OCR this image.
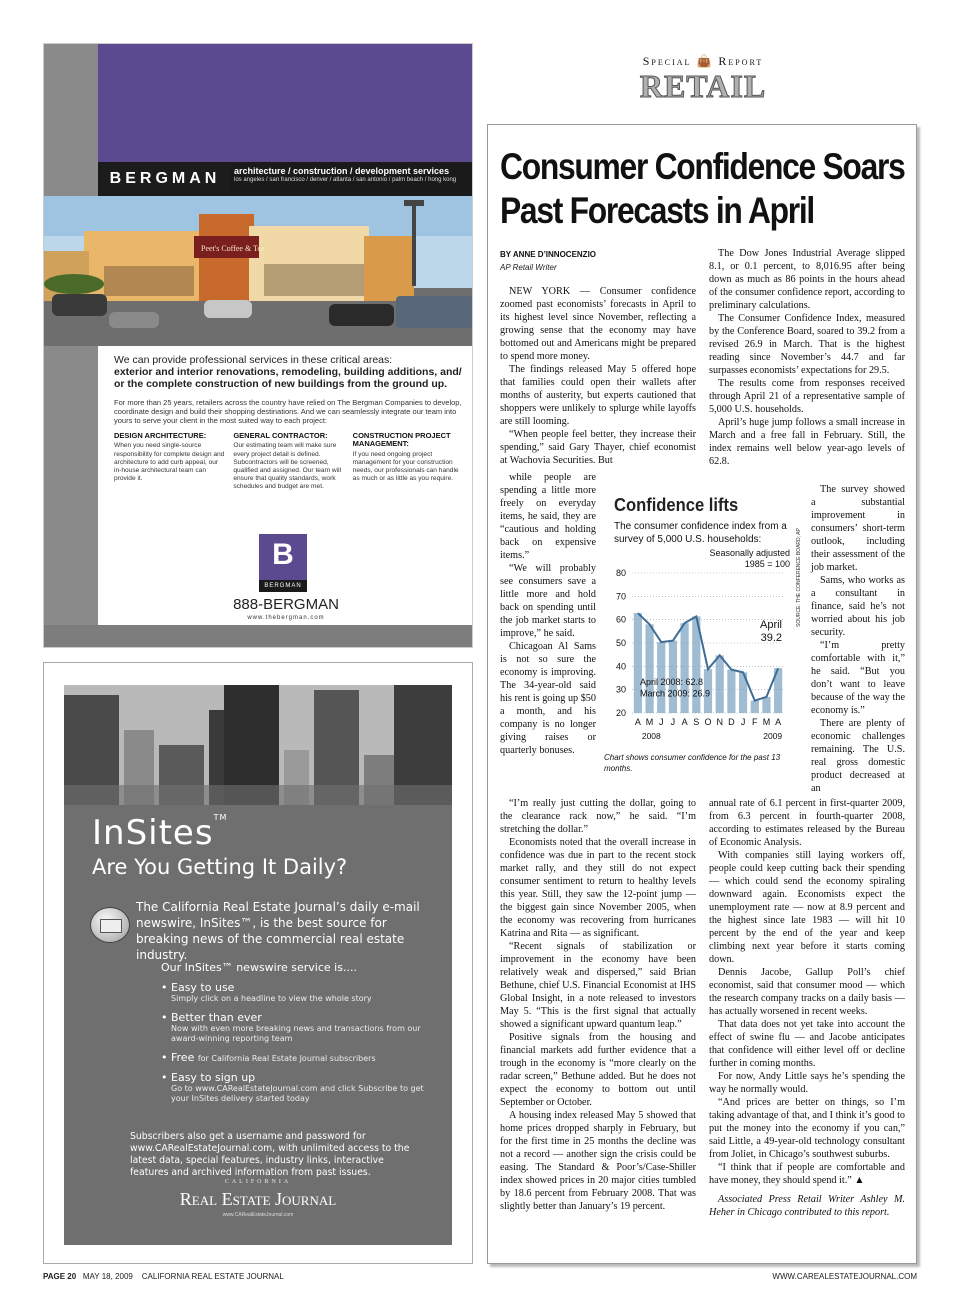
BERGMAN	architecture / construction / development services
los angeles / san francisco / denver / atlanta / san antonio / palm beach / hong kong
Peet's Coffee & Tea
We can provide professional services in these critical areas:
exterior and interior renovations, remodeling, building additions, and/ or the complete construction of new buildings from the ground up.
For more than 25 years, retailers across the country have relied on The Bergman Companies to develop, coordinate design and build their shopping destinations. And we can seamlessly integrate our team into yours to serve your client in the most suited way to each project:
DESIGN ARCHITECTURE:
When you need single-source responsibility for complete design and architecture to add curb appeal, our in-house architectural team can provide it.
GENERAL CONTRACTOR:
Our estimating team will make sure every project detail is defined. Subcontractors will be screened, qualified and assigned. Our team will ensure that quality standards, work schedules and budget are met.
CONSTRUCTION PROJECT MANAGEMENT:
If you need ongoing project management for your construction needs, our professionals can handle as much or as little as you require.
B
BERGMAN
888-BERGMAN
www.thebergman.com
InSites™
Are You Getting It Daily?
The California Real Estate Journal’s daily e-mail newswire, InSites™, is the best source for breaking news of the commercial real estate industry.
Our InSites™ newswire service is....
• Easy to use
Simply click on a headline to view the whole story
• Better than ever
Now with even more breaking news and transactions from our award-winning reporting team
• Free for California Real Estate Journal subscribers
• Easy to sign up
Go to www.CARealEstateJournal.com and click Subscribe to get your InSites delivery started today
Subscribers also get a username and password for www.CARealEstateJournal.com, with unlimited access to the latest data, special features, industry links, interactive features and archived information from past issues.
CALIFORNIA
Real Estate Journal
www.CARealEstateJournal.com
Special 👜 Report
RETAIL
Consumer Confidence Soars
Past Forecasts in April
BY ANNE D’INNOCENZIO
AP Retail Writer

NEW YORK — Consumer confidence zoomed past economists’ forecasts in April to its highest level since November, reflecting a growing sense that the economy may have bottomed out and Americans might be prepared to spend more money.

The findings released May 5 offered hope that families could open their wallets after months of austerity, but experts cautioned that shoppers were unlikely to splurge while layoffs are still looming.

“When people feel better, they increase their spending,” said Gary Thayer, chief economist at Wachovia Securities. But

while people are spending a little more freely on everyday items, he said, they are “cautious and holding back on expensive items.”

“We will probably see consumers save a little more and hold back on spending until the job market starts to improve,” he said.

Chicagoan Al Sams is not so sure the economy is improving. The 34-year-old said his rent is going up $50 a month, and his company is no longer giving raises or quarterly bonuses.

“I’m really just cutting the dollar, going to the clearance rack now,” he said. “I’m stretching the dollar.”

Economists noted that the overall increase in confidence was due in part to the recent stock market rally, and they still do not expect consumer sentiment to return to healthy levels this year. Still, they saw the 12-point jump — the biggest gain since November 2005, when the economy was recovering from hurricanes Katrina and Rita — as significant.

“Recent signals of stabilization or improvement in the economy have been relatively weak and dispersed,” said Brian Bethune, chief U.S. Financial Economist at IHS Global Insight, in a note released to investors May 5. “This is the first signal that actually showed a significant upward quantum leap.”

Positive signals from the housing and financial markets add further evidence that a trough in the economy is “more clearly on the radar screen,” Bethune added. But he does not expect the economy to bottom out until September or October.

A housing index released May 5 showed that home prices dropped sharply in February, but for the first time in 25 months the decline was not a record — another sign the crisis could be easing. The Standard & Poor’s/Case-Shiller index showed prices in 20 major cities tumbled by 18.6 percent from February 2008. That was slightly better than January’s 19 percent.

The Dow Jones Industrial Average slipped 8.1, or 0.1 percent, to 8,016.95 after being down as much as 86 points in the hours ahead of the consumer confidence report, according to preliminary calculations.

The Consumer Confidence Index, measured by the Conference Board, soared to 39.2 from a revised 26.9 in March. That is the highest reading since November’s 44.7 and far surpasses economists’ expectations for 29.5.

The results come from responses received through April 21 of a representative sample of 5,000 U.S. households.

April’s huge jump follows a small increase in March and a free fall in February. Still, the index remains well below year-ago levels of 62.8.

The survey showed a substantial improvement in consumers’ short-term outlook, including their assessment of the job market.

Sams, who works as a consultant in finance, said he’s not worried about his job security.

“I’m pretty comfortable with it,” he said. “But you don’t want to leave because of the way the economy is.”

There are plenty of economic challenges remaining. The U.S. real gross domestic product decreased at an

annual rate of 6.1 percent in first-quarter 2009, from 6.3 percent in fourth-quarter 2008, according to estimates released by the Bureau of Economic Analysis.

With companies still laying workers off, people could keep cutting back their spending — which could send the economy spiraling downward again. Economists expect the unemployment rate — now at 8.9 percent and the highest since late 1983 — will hit 10 percent by the end of the year and keep climbing next year before it starts coming down.

Dennis Jacobe, Gallup Poll’s chief economist, said that consumer mood — which the research company tracks on a daily basis — has actually worsened in recent weeks.

That data does not yet take into account the effect of swine flu — and Jacobe anticipates that confidence will either level off or decline further in coming months.

For now, Andy Little says he’s spending the way he normally would.

“And prices are better on things, so I’m taking advantage of that, and I think it’s good to put the money into the economy if you can,” said Little, a 49-year-old technology consultant from Joliet, in Chicago’s southwest suburbs.

“I think that if people are comfortable and have money, they should spend it.” ▲

Associated Press Retail Writer Ashley M. Heher in Chicago contributed to this report.

Confidence lifts
The consumer confidence index from a survey of 5,000 U.S. households:
Seasonally adjusted
1985 = 100
80
70
60
50
40
30
20
A M J J A S O N D J F M A
2008	2009
April
39.2
April 2008: 62.8
March 2009: 26.9
SOURCE: THE CONFERENCE BOARD; AP
Chart shows consumer confidence for the past 13 months.
PAGE 20 MAY 18, 2009 CALIFORNIA REAL ESTATE JOURNAL	WWW.CAREALESTATEJOURNAL.COM
